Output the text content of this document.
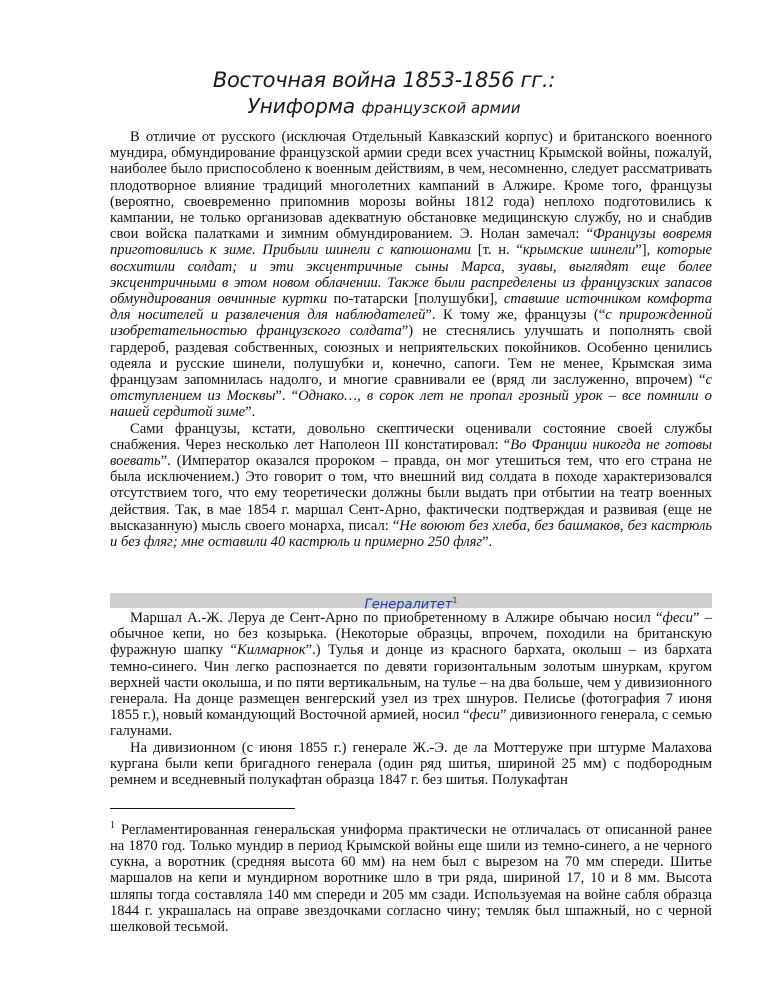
Восточная война 1853-1856 гг.:
Униформа французской армии

В отличие от русского (исключая Отдельный Кавказский корпус) и британского военного мундира, обмундирование французской армии среди всех участниц Крымской войны, пожалуй, наиболее было приспособлено к военным действиям, в чем, несомненно, следует рассматривать плодотворное влияние традиций многолетних кампаний в Алжире. Кроме того, французы (вероятно, своевременно припомнив морозы войны 1812 года) неплохо подготовились к кампании, не только организовав адекватную обстановке медицинскую службу, но и снабдив свои войска палатками и зимним обмундированием. Э. Нолан замечал: “Французы вовремя приготовились к зиме. Прибыли шинели с капюшонами [т. н. “крымские шинели”], которые восхитили солдат; и эти эксцентричные сыны Марса, зуавы, выглядят еще более эксцентричными в этом новом облачении. Также были распределены из французских запасов обмундирования овчинные куртки по-татарски [полушубки], ставшие источником комфорта для носителей и развлечения для наблюдателей”. К тому же, французы (“с прирожденной изобретательностью французского солдата”) не стеснялись улучшать и пополнять свой гардероб, раздевая собственных, союзных и неприятельских покойников. Особенно ценились одеяла и русские шинели, полушубки и, конечно, сапоги. Тем не менее, Крымская зима французам запомнилась надолго, и многие сравнивали ее (вряд ли заслуженно, впрочем) “с отступлением из Москвы”. “Однако…, в сорок лет не пропал грозный урок – все помнили о нашей сердитой зиме”.

Сами французы, кстати, довольно скептически оценивали состояние своей службы снабжения. Через несколько лет Наполеон III констатировал: “Во Франции никогда не готовы воевать”. (Император оказался пророком – правда, он мог утешиться тем, что его страна не была исключением.) Это говорит о том, что внешний вид солдата в походе характеризовался отсутствием того, что ему теоретически должны были выдать при отбытии на театр военных действия. Так, в мае 1854 г. маршал Сент-Арно, фактически подтверждая и развивая (еще не высказанную) мысль своего монарха, писал: “Не воюют без хлеба, без башмаков, без кастрюль и без фляг; мне оставили 40 кастрюль и примерно 250 фляг”.

Генералитет$^1$

Маршал А.-Ж. Леруа де Сент-Арно по приобретенному в Алжире обычаю носил “феси” – обычное кепи, но без козырька. (Некоторые образцы, впрочем, походили на британскую фуражную шапку “Килмарнок”.) Тулья и донце из красного бархата, околыш – из бархата темно-синего. Чин легко распознается по девяти горизонтальным золотым шнуркам, кругом верхней части околыша, и по пяти вертикальным, на тулье – на два больше, чем у дивизионного генерала. На донце размещен венгерский узел из трех шнуров. Пелисье (фотография 7 июня 1855 г.), новый командующий Восточной армией, носил “феси” дивизионного генерала, с семью галунами.

На дивизионном (с июня 1855 г.) генерале Ж.-Э. де ла Моттеруже при штурме Малахова кургана были кепи бригадного генерала (один ряд шитья, шириной 25 мм) с подбородным ремнем и вседневный полукафтан образца 1847 г. без шитья. Полукафтан

$^1$ Регламентированная генеральская униформа практически не отличалась от описанной ранее на 1870 год. Только мундир в период Крымской войны еще шили из темно-синего, а не черного сукна, а воротник (средняя высота 60 мм) на нем был с вырезом на 70 мм спереди. Шитье маршалов на кепи и мундирном воротнике шло в три ряда, шириной 17, 10 и 8 мм. Высота шляпы тогда составляла 140 мм спереди и 205 мм сзади. Используемая на войне сабля образца 1844 г. украшалась на оправе звездочками согласно чину; темляк был шпажный, но с черной шелковой тесьмой.
